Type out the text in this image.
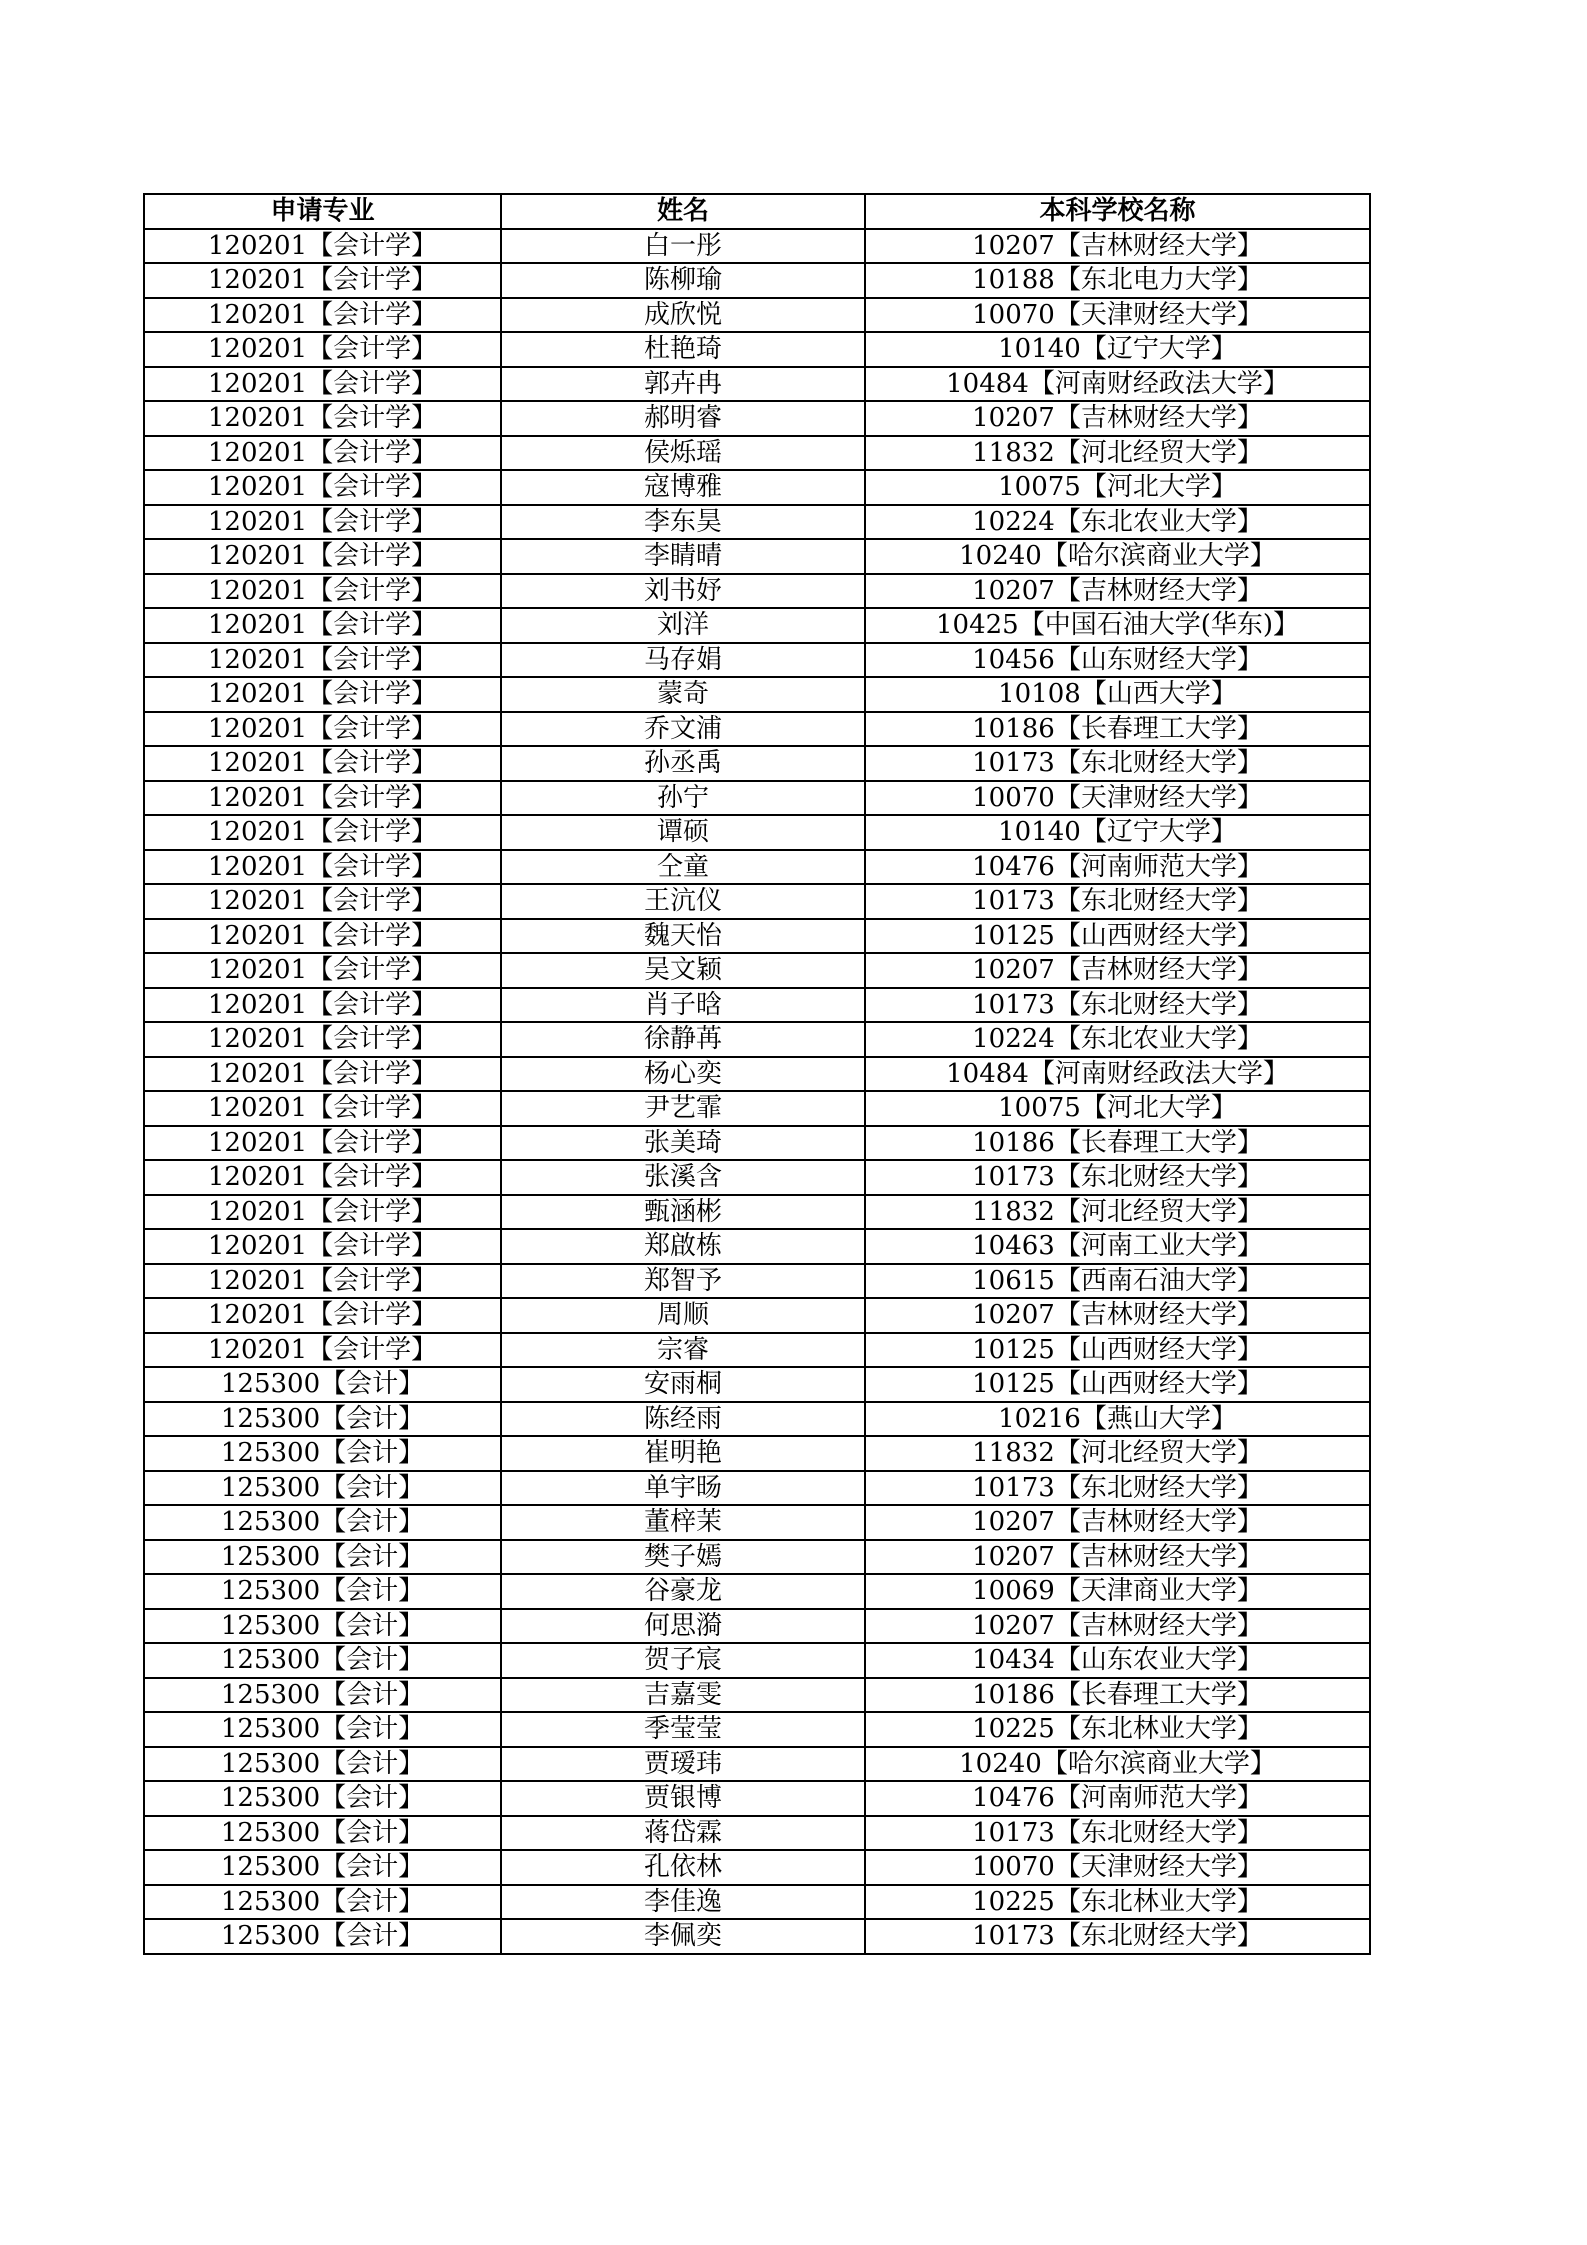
申请专业	姓名	本科学校名称
120201【会计学】	白一彤	10207【吉林财经大学】
120201【会计学】	陈柳瑜	10188【东北电力大学】
120201【会计学】	成欣悦	10070【天津财经大学】
120201【会计学】	杜艳琦	10140【辽宁大学】
120201【会计学】	郭卉冉	10484【河南财经政法大学】
120201【会计学】	郝明睿	10207【吉林财经大学】
120201【会计学】	侯烁瑶	11832【河北经贸大学】
120201【会计学】	寇博雅	10075【河北大学】
120201【会计学】	李东昊	10224【东北农业大学】
120201【会计学】	李睛晴	10240【哈尔滨商业大学】
120201【会计学】	刘书妤	10207【吉林财经大学】
120201【会计学】	刘洋	10425【中国石油大学(华东)】
120201【会计学】	马存娟	10456【山东财经大学】
120201【会计学】	蒙奇	10108【山西大学】
120201【会计学】	乔文浦	10186【长春理工大学】
120201【会计学】	孙丞禹	10173【东北财经大学】
120201【会计学】	孙宁	10070【天津财经大学】
120201【会计学】	谭硕	10140【辽宁大学】
120201【会计学】	仝童	10476【河南师范大学】
120201【会计学】	王沆仪	10173【东北财经大学】
120201【会计学】	魏天怡	10125【山西财经大学】
120201【会计学】	吴文颖	10207【吉林财经大学】
120201【会计学】	肖子晗	10173【东北财经大学】
120201【会计学】	徐静苒	10224【东北农业大学】
120201【会计学】	杨心奕	10484【河南财经政法大学】
120201【会计学】	尹艺霏	10075【河北大学】
120201【会计学】	张美琦	10186【长春理工大学】
120201【会计学】	张溪含	10173【东北财经大学】
120201【会计学】	甄涵彬	11832【河北经贸大学】
120201【会计学】	郑啟栋	10463【河南工业大学】
120201【会计学】	郑智予	10615【西南石油大学】
120201【会计学】	周顺	10207【吉林财经大学】
120201【会计学】	宗睿	10125【山西财经大学】
125300【会计】	安雨桐	10125【山西财经大学】
125300【会计】	陈经雨	10216【燕山大学】
125300【会计】	崔明艳	11832【河北经贸大学】
125300【会计】	单宇旸	10173【东北财经大学】
125300【会计】	董梓茉	10207【吉林财经大学】
125300【会计】	樊子嫣	10207【吉林财经大学】
125300【会计】	谷豪龙	10069【天津商业大学】
125300【会计】	何思漪	10207【吉林财经大学】
125300【会计】	贺子宸	10434【山东农业大学】
125300【会计】	吉嘉雯	10186【长春理工大学】
125300【会计】	季莹莹	10225【东北林业大学】
125300【会计】	贾瑷玮	10240【哈尔滨商业大学】
125300【会计】	贾银博	10476【河南师范大学】
125300【会计】	蒋岱霖	10173【东北财经大学】
125300【会计】	孔依林	10070【天津财经大学】
125300【会计】	李佳逸	10225【东北林业大学】
125300【会计】	李佩奕	10173【东北财经大学】
